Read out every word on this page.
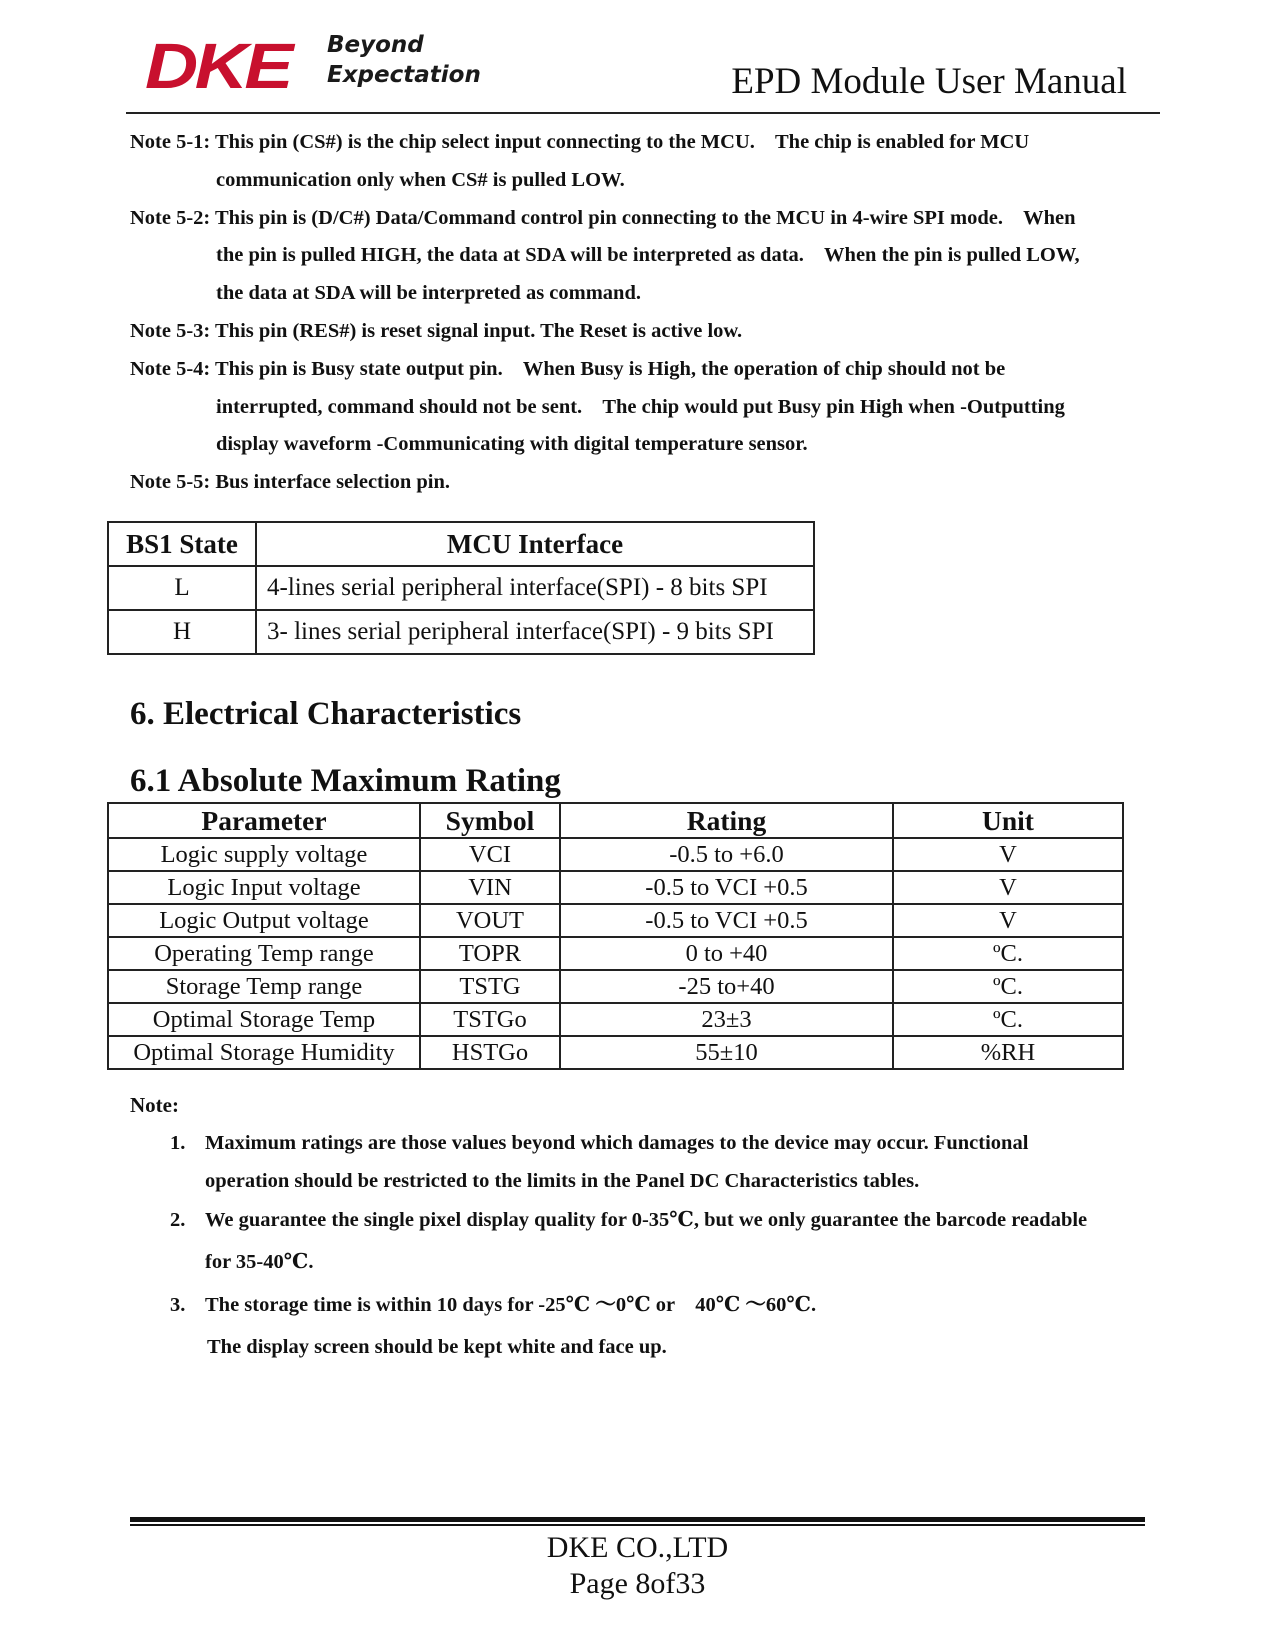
DKE Beyond
Expectation	EPD Module User Manual
Note 5-1: This pin (CS#) is the chip select input connecting to the MCU.    The chip is enabled for MCU
communication only when CS# is pulled LOW.
Note 5-2: This pin is (D/C#) Data/Command control pin connecting to the MCU in 4-wire SPI mode.    When
the pin is pulled HIGH, the data at SDA will be interpreted as data.    When the pin is pulled LOW,
the data at SDA will be interpreted as command.
Note 5-3: This pin (RES#) is reset signal input. The Reset is active low.
Note 5-4: This pin is Busy state output pin.    When Busy is High, the operation of chip should not be
interrupted, command should not be sent.    The chip would put Busy pin High when -Outputting
display waveform -Communicating with digital temperature sensor.
Note 5-5: Bus interface selection pin.
BS1 State	MCU Interface
L	4-lines serial peripheral interface(SPI) - 8 bits SPI
H	3- lines serial peripheral interface(SPI) - 9 bits SPI
6. Electrical Characteristics
6.1 Absolute Maximum Rating
Parameter	Symbol	Rating	Unit
Logic supply voltage	VCI	-0.5 to +6.0	V
Logic Input voltage	VIN	-0.5 to VCI +0.5	V
Logic Output voltage	VOUT	-0.5 to VCI +0.5	V
Operating Temp range	TOPR	0 to +40	ºC.
Storage Temp range	TSTG	-25 to+40	ºC.
Optimal Storage Temp	TSTGo	23±3	ºC.
Optimal Storage Humidity	HSTGo	55±10	%RH
Note:
1. Maximum ratings are those values beyond which damages to the device may occur. Functional
operation should be restricted to the limits in the Panel DC Characteristics tables.
2. We guarantee the single pixel display quality for 0-35℃, but we only guarantee the barcode readable
for 35-40℃.
3. The storage time is within 10 days for -25℃ ～0℃ or    40℃ ～60℃.
The display screen should be kept white and face up.
DKE CO.,LTD
Page 8of33
